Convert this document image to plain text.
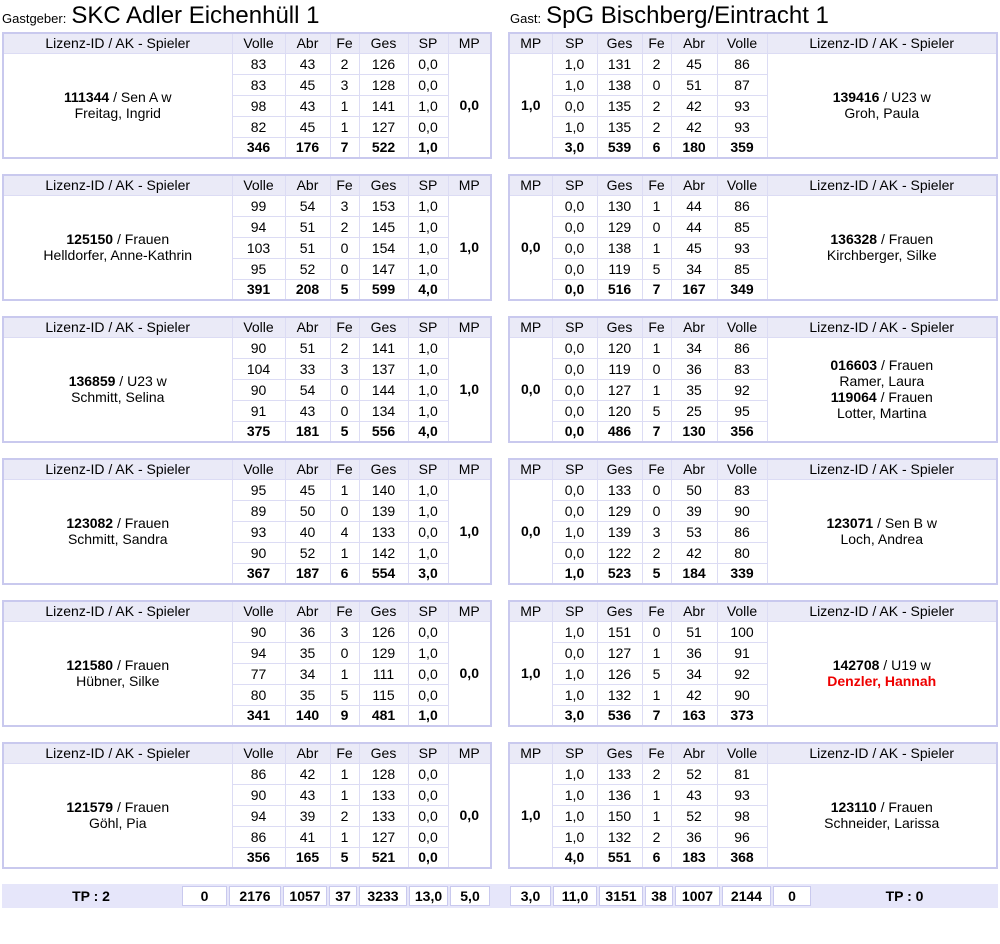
Gastgeber: SKC Adler Eichenhüll 1	Gast: SpG Bischberg/Eintracht 1
Lizenz-ID / AK - Spieler	Volle	Abr	Fe	Ges	SP	MP

111344 / Sen A w
Freitag, Ingrid	83	43	2	126	0,0	0,0
	83	45	3	128	0,0	
	98	43	1	141	1,0	
	82	45	1	127	0,0	
	346	176	7	522	1,0	
MP	SP	Ges	Fe	Abr	Volle	Lizenz-ID / AK - Spieler
1,0	1,0	131	2	45	86	139416 / U23 w
Groh, Paula

	1,0	138	0	51	87	
	0,0	135	2	42	93	
	1,0	135	2	42	93	
	3,0	539	6	180	359	
Lizenz-ID / AK - Spieler	Volle	Abr	Fe	Ges	SP	MP

125150 / Frauen
Helldorfer, Anne-Kathrin	99	54	3	153	1,0	1,0
	94	51	2	145	1,0	
	103	51	0	154	1,0	
	95	52	0	147	1,0	
	391	208	5	599	4,0	
MP	SP	Ges	Fe	Abr	Volle	Lizenz-ID / AK - Spieler
0,0	0,0	130	1	44	86	136328 / Frauen
Kirchberger, Silke

	0,0	129	0	44	85	
	0,0	138	1	45	93	
	0,0	119	5	34	85	
	0,0	516	7	167	349	
Lizenz-ID / AK - Spieler	Volle	Abr	Fe	Ges	SP	MP

136859 / U23 w
Schmitt, Selina	90	51	2	141	1,0	1,0
	104	33	3	137	1,0	
	90	54	0	144	1,0	
	91	43	0	134	1,0	
	375	181	5	556	4,0	
MP	SP	Ges	Fe	Abr	Volle	Lizenz-ID / AK - Spieler
0,0	0,0	120	1	34	86	016603 / Frauen
Ramer, Laura
119064 / Frauen
Lotter, Martina

	0,0	119	0	36	83	
	0,0	127	1	35	92	
	0,0	120	5	25	95	
	0,0	486	7	130	356	
Lizenz-ID / AK - Spieler	Volle	Abr	Fe	Ges	SP	MP

123082 / Frauen
Schmitt, Sandra	95	45	1	140	1,0	1,0
	89	50	0	139	1,0	
	93	40	4	133	0,0	
	90	52	1	142	1,0	
	367	187	6	554	3,0	
MP	SP	Ges	Fe	Abr	Volle	Lizenz-ID / AK - Spieler
0,0	0,0	133	0	50	83	123071 / Sen B w
Loch, Andrea

	0,0	129	0	39	90	
	1,0	139	3	53	86	
	0,0	122	2	42	80	
	1,0	523	5	184	339	
Lizenz-ID / AK - Spieler	Volle	Abr	Fe	Ges	SP	MP

121580 / Frauen
Hübner, Silke	90	36	3	126	0,0	0,0
	94	35	0	129	1,0	
	77	34	1	111	0,0	
	80	35	5	115	0,0	
	341	140	9	481	1,0	
MP	SP	Ges	Fe	Abr	Volle	Lizenz-ID / AK - Spieler
1,0	1,0	151	0	51	100	142708 / U19 w
Denzler, Hannah

	0,0	127	1	36	91	
	1,0	126	5	34	92	
	1,0	132	1	42	90	
	3,0	536	7	163	373	
Lizenz-ID / AK - Spieler	Volle	Abr	Fe	Ges	SP	MP

121579 / Frauen
Göhl, Pia	86	42	1	128	0,0	0,0
	90	43	1	133	0,0	
	94	39	2	133	0,0	
	86	41	1	127	0,0	
	356	165	5	521	0,0	
MP	SP	Ges	Fe	Abr	Volle	Lizenz-ID / AK - Spieler
1,0	1,0	133	2	52	81	123110 / Frauen
Schneider, Larissa

	1,0	136	1	43	93	
	1,0	150	1	52	98	
	1,0	132	2	36	96	
	4,0	551	6	183	368	
TP : 2	0	2176	1057	37	3233	13,0	5,0	3,0	11,0	3151	38	1007	2144	0	TP : 0
